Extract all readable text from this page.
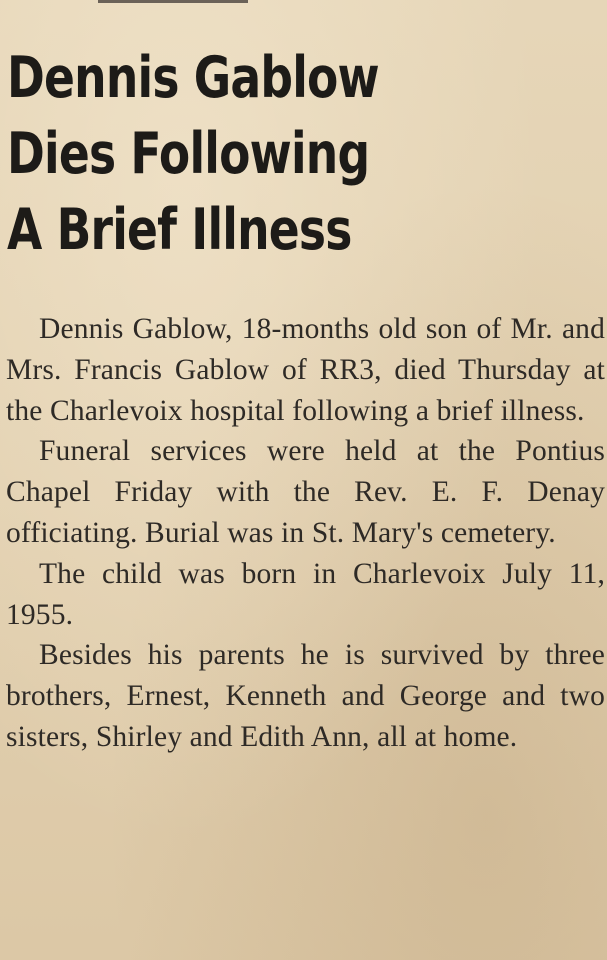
Dennis Gablow
Dies Following
A Brief Illness

Dennis Gablow, 18-months old son of Mr. and Mrs. Francis Gablow of RR3, died Thursday at the Charlevoix hospital following a brief illness.

Funeral services were held at the Pontius Chapel Friday with the Rev. E. F. Denay officiating. Burial was in St. Mary's cemetery.

The child was born in Charlevoix July 11, 1955.

Besides his parents he is survived by three brothers, Ernest, Kenneth and George and two sisters, Shirley and Edith Ann, all at home.
